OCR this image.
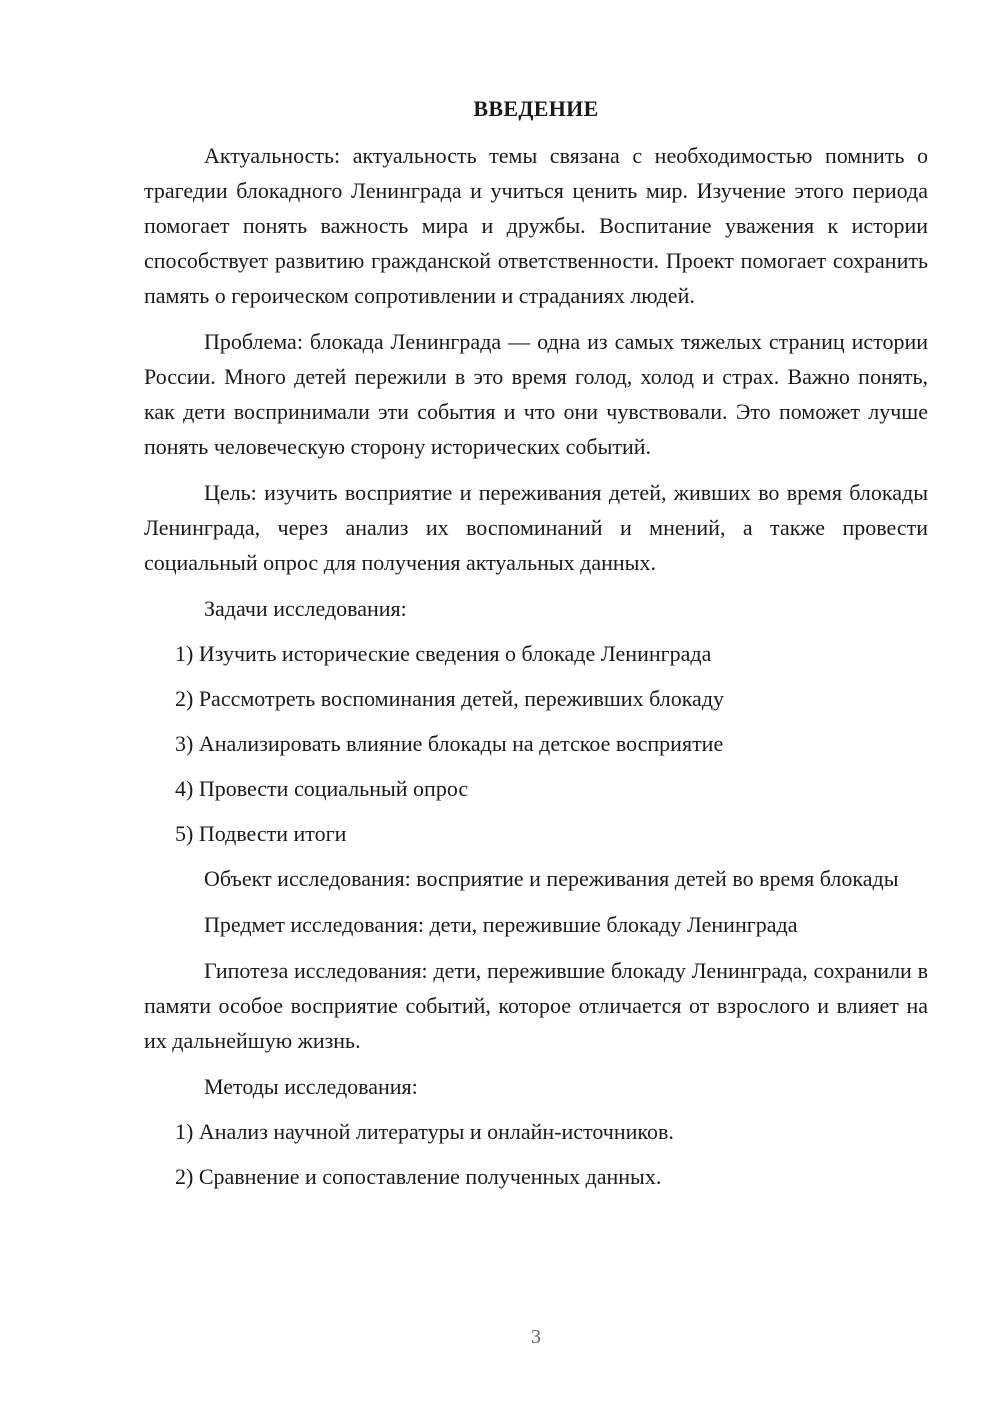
ВВЕДЕНИЕ

Актуальность: актуальность темы связана с необходимостью помнить о трагедии блокадного Ленинграда и учиться ценить мир. Изучение этого периода помогает понять важность мира и дружбы. Воспитание уважения к истории способствует развитию гражданской ответственности. Проект помогает сохранить память о героическом сопротивлении и страданиях людей.

Проблема: блокада Ленинграда — одна из самых тяжелых страниц истории России. Много детей пережили в это время голод, холод и страх. Важно понять, как дети воспринимали эти события и что они чувствовали. Это поможет лучше понять человеческую сторону исторических событий.

Цель: изучить восприятие и переживания детей, живших во время блокады Ленинграда, через анализ их воспоминаний и мнений, а также провести социальный опрос для получения актуальных данных.

Задачи исследования:
1) Изучить исторические сведения о блокаде Ленинграда
2) Рассмотреть воспоминания детей, переживших блокаду
3) Анализировать влияние блокады на детское восприятие
4) Провести социальный опрос
5) Подвести итоги

Объект исследования: восприятие и переживания детей во время блокады

Предмет исследования: дети, пережившие блокаду Ленинграда

Гипотеза исследования: дети, пережившие блокаду Ленинграда, сохранили в памяти особое восприятие событий, которое отличается от взрослого и влияет на их дальнейшую жизнь.

Методы исследования:
1) Анализ научной литературы и онлайн-источников.
2) Сравнение и сопоставление полученных данных.
3
